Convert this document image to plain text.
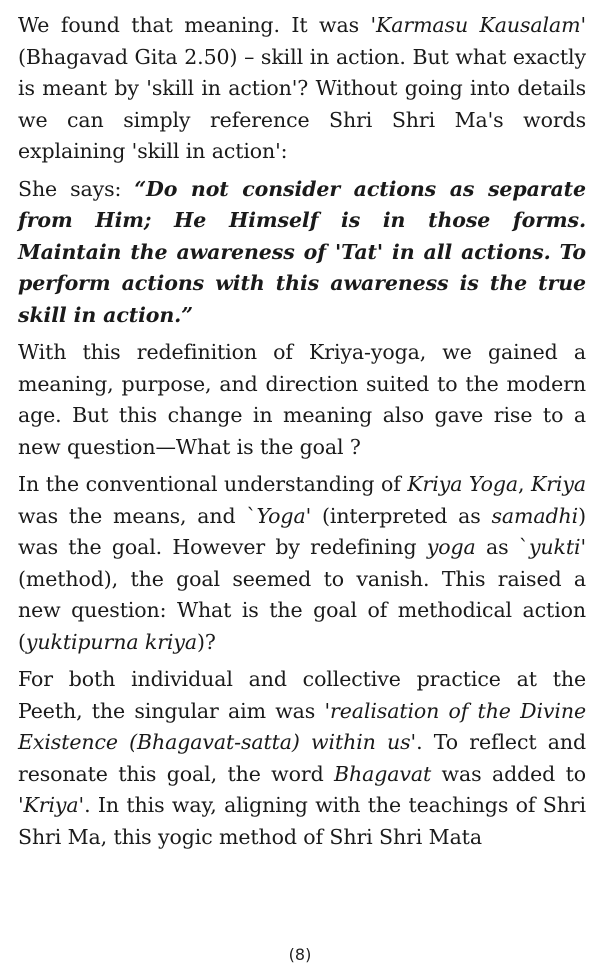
We found that meaning. It was 'Karmasu Kausalam' (Bhagavad Gita 2.50) – skill in action. But what exactly is meant by 'skill in action'? Without going into details we can simply reference Shri Shri Ma's words explaining 'skill in action':

She says: “Do not consider actions as separate from Him; He Himself is in those forms. Maintain the awareness of 'Tat' in all actions. To perform actions with this awareness is the true skill in action.”

With this redefinition of Kriya-yoga, we gained a meaning, purpose, and direction suited to the modern age. But this change in meaning also gave rise to a new question—What is the goal ?

In the conventional understanding of Kriya Yoga, Kriya was the means, and `Yoga' (interpreted as samadhi) was the goal. However by redefining yoga as `yukti' (method), the goal seemed to vanish. This raised a new question: What is the goal of methodical action (yuktipurna kriya)?

For both individual and collective practice at the Peeth, the singular aim was 'realisation of the Divine Existence (Bhagavat-satta) within us'. To reflect and resonate this goal, the word Bhagavat was added to 'Kriya'. In this way, aligning with the teachings of Shri Shri Ma, this yogic method of Shri Shri Mata

(8)
